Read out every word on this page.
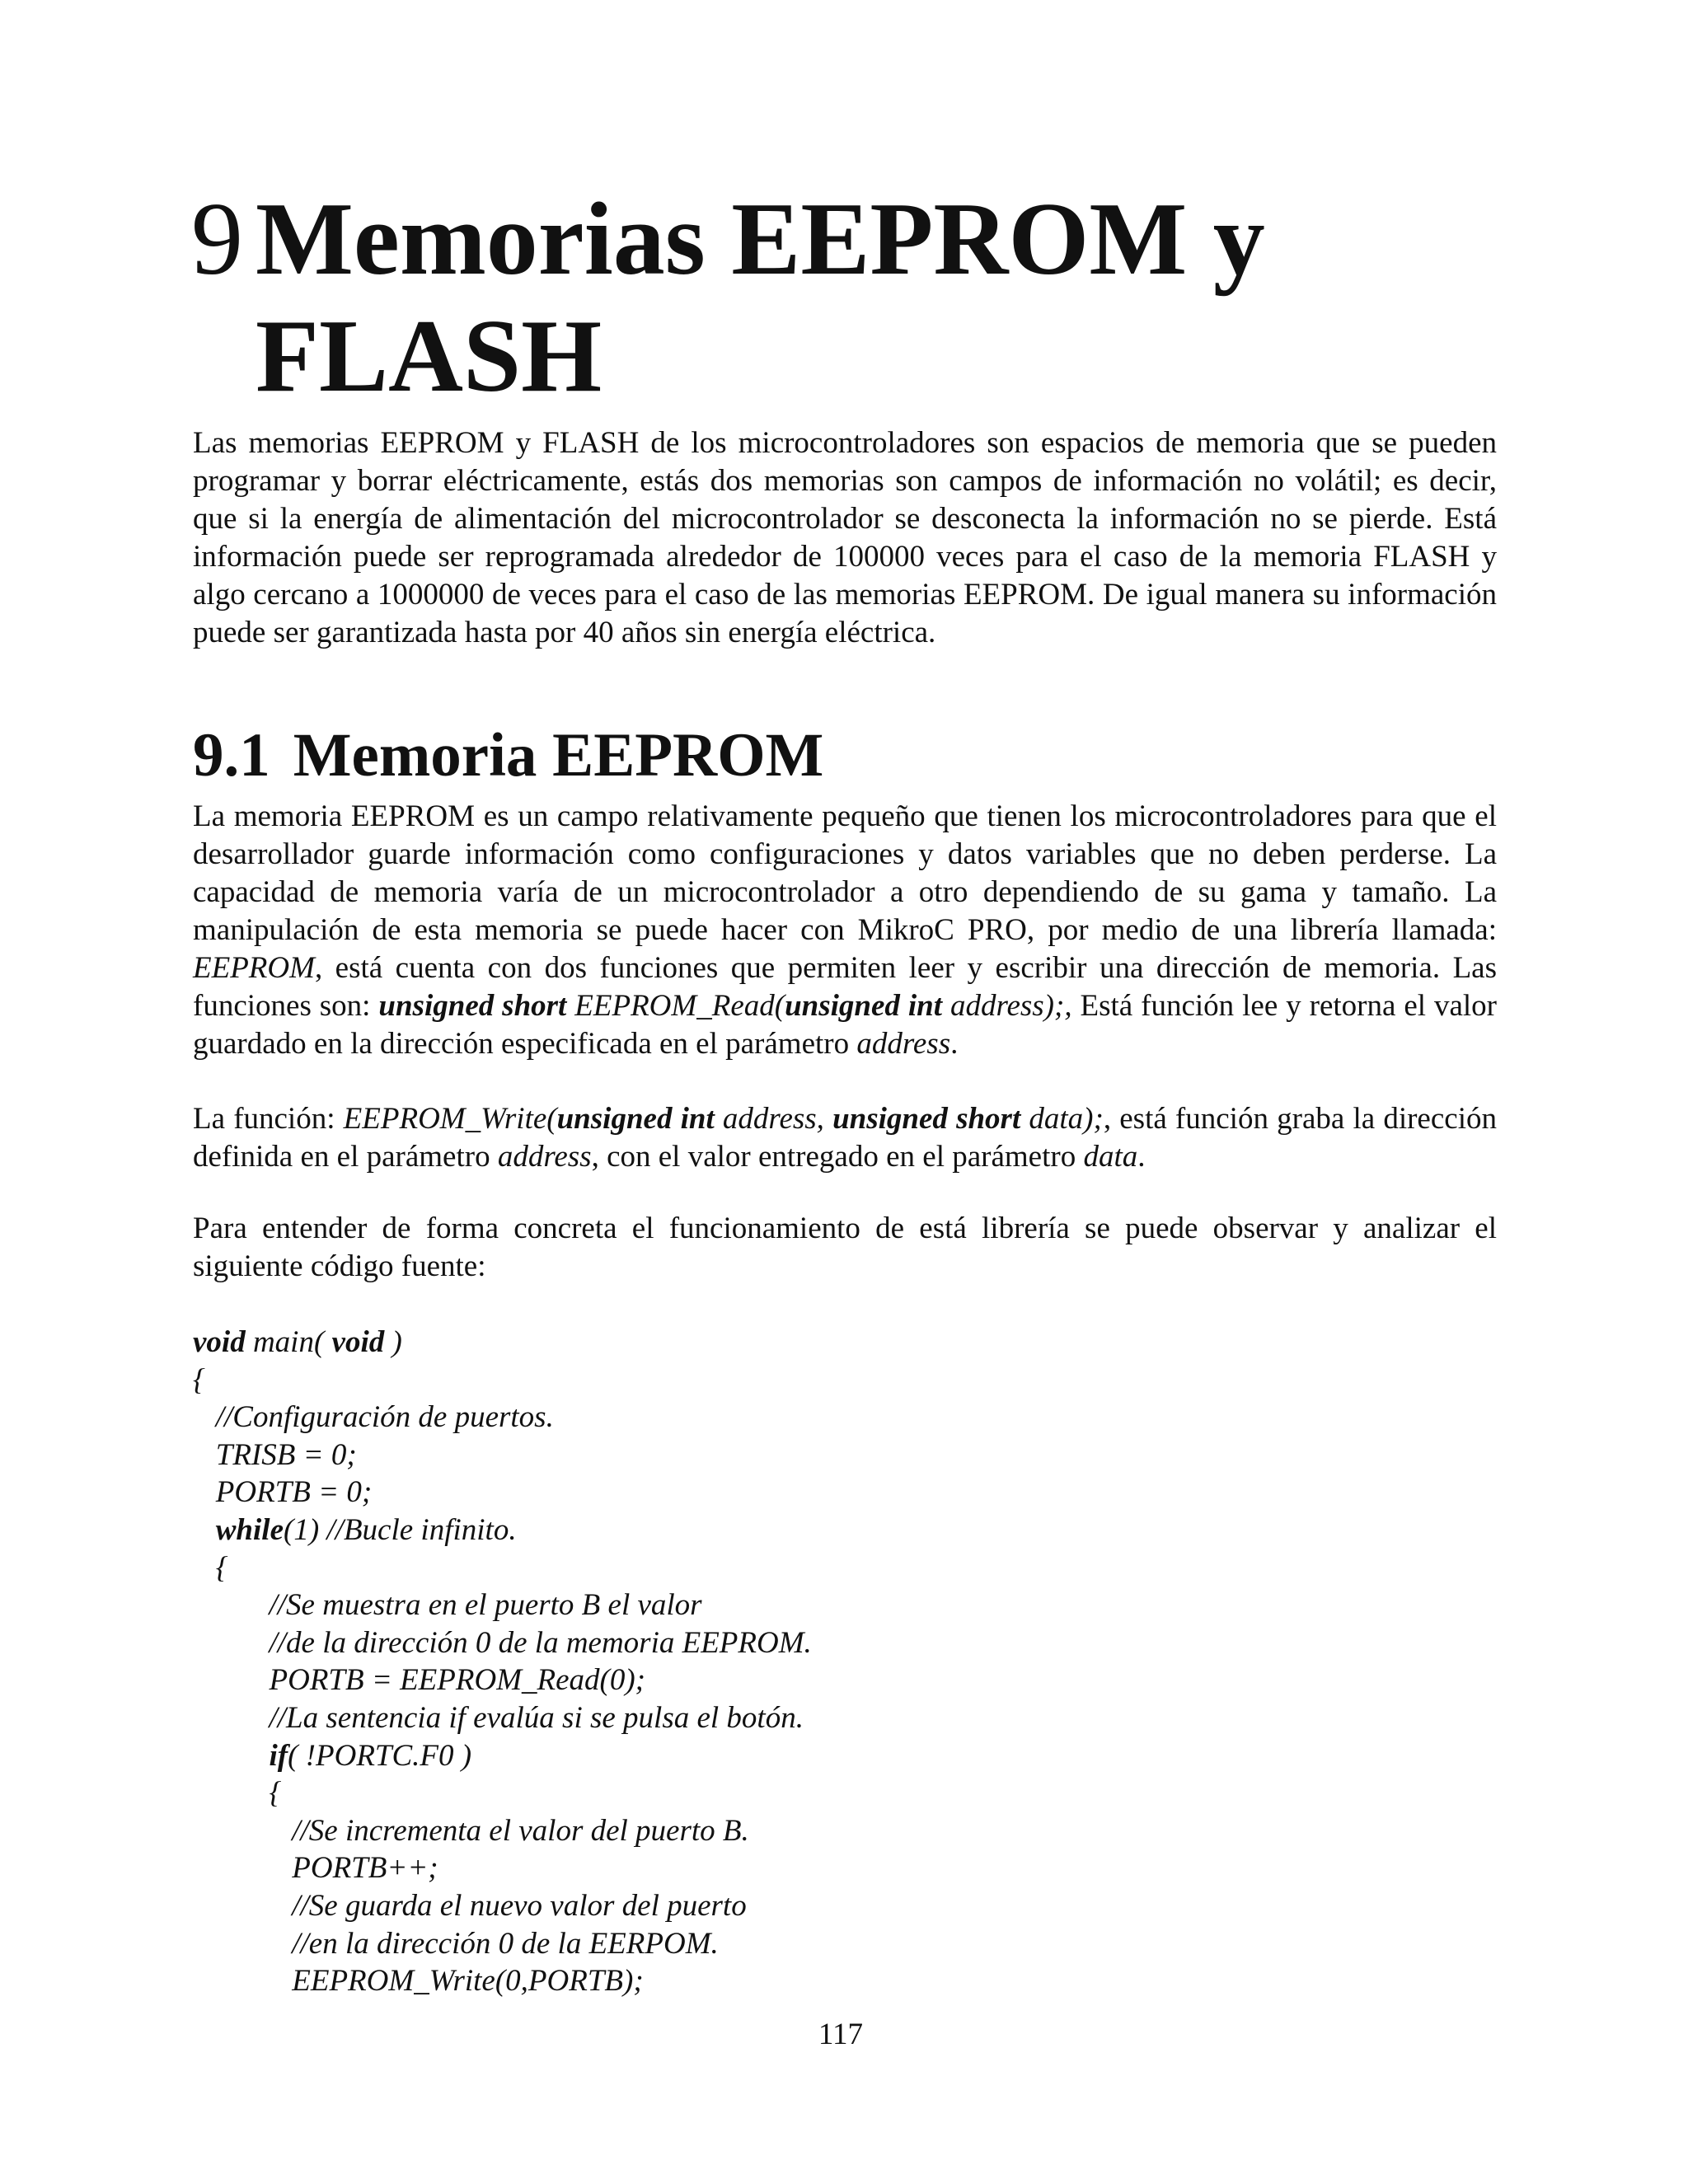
9 Memorias EEPROM y FLASH

Las memorias EEPROM y FLASH de los microcontroladores son espacios de memoria que se pueden programar y borrar eléctricamente, estás dos memorias son campos de información no volátil; es decir, que si la energía de alimentación del microcontrolador se desconecta la información no se pierde. Está información puede ser reprogramada alrededor de 100000 veces para el caso de la memoria FLASH y algo cercano a 1000000 de veces para el caso de las memorias EEPROM. De igual manera su información puede ser garantizada hasta por 40 años sin energía eléctrica.

9.1 Memoria EEPROM

La memoria EEPROM es un campo relativamente pequeño que tienen los microcontroladores para que el desarrollador guarde información como configuraciones y datos variables que no deben perderse. La capacidad de memoria varía de un microcontrolador a otro dependiendo de su gama y tamaño. La manipulación de esta memoria se puede hacer con MikroC PRO, por medio de una librería llamada: EEPROM, está cuenta con dos funciones que permiten leer y escribir una dirección de memoria. Las funciones son: unsigned short EEPROM_Read(unsigned int address);, Está función lee y retorna el valor guardado en la dirección especificada en el parámetro address.

La función: EEPROM_Write(unsigned int address, unsigned short data);, está función graba la dirección definida en el parámetro address, con el valor entregado en el parámetro data.

Para entender de forma concreta el funcionamiento de está librería se puede observar y analizar el siguiente código fuente:

void main( void )
{
//Configuración de puertos.
TRISB = 0;
PORTB = 0;
while(1) //Bucle infinito.
{
//Se muestra en el puerto B el valor
//de la dirección 0 de la memoria EEPROM.
PORTB = EEPROM_Read(0);
//La sentencia if evalúa si se pulsa el botón.
if( !PORTC.F0 )
{
//Se incrementa el valor del puerto B.
PORTB++;
//Se guarda el nuevo valor del puerto
//en la dirección 0 de la EERPOM.
EEPROM_Write(0,PORTB);
117
